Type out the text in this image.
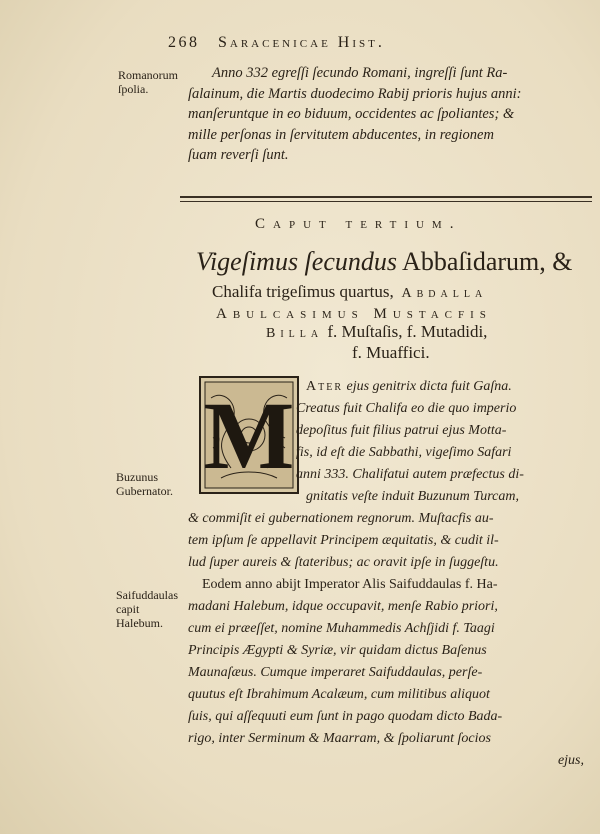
268 Saracenicae Hist.
Romanorum ſpolia.
Buzunus Gubernator.
Saifuddaulas capit Halebum.

Anno 332 egreſſi ſecundo Romani, ingreſſi ſunt Ra-

ſalainum, die Martis duodecimo Rabij prioris hujus anni:

manſeruntque in eo biduum, occidentes ac ſpoliantes; &

mille perſonas in ſervitutem abducentes, in regionem

ſuam reverſi ſunt.

Caput tertium.
Vigeſimus ſecundus Abbaſidarum, &
Chalifa trigeſimus quartus, Abdalla
Abulcasimus Mustacfis
Billa f. Muſtaſis, f. Mutadidi,
f. Muaffici.
M Ater ejus genitrix dicta fuit Gaſna.

Creatus fuit Chalifa eo die quo imperio

depoſitus fuit filius patrui ejus Motta-

fis, id eſt die Sabbathi, vigeſimo Safari

anni 333. Chalifatui autem præfectus di-

gnitatis veſte induit Buzunum Turcam,

& commiſit ei gubernationem regnorum. Muſtacfis au-

tem ipſum ſe appellavit Principem æquitatis, & cudit il-

lud ſuper aureis & ſtateribus; ac oravit ipſe in ſuggeſtu.

Eodem anno abijt Imperator Alis Saifuddaulas f. Ha-

madani Halebum, idque occupavit, menſe Rabio priori,

cum ei præeſſet, nomine Muhammedis Achſjidi f. Taagi

Principis Ægypti & Syriæ, vir quidam dictus Baſenus

Maunaſæus. Cumque imperaret Saifuddaulas, perſe-

quutus eſt Ibrahimum Acalæum, cum militibus aliquot

ſuis, qui aſſequuti eum ſunt in pago quodam dicto Bada-

rigo, inter Serminum & Maarram, & ſpoliarunt ſocios

ejus,
